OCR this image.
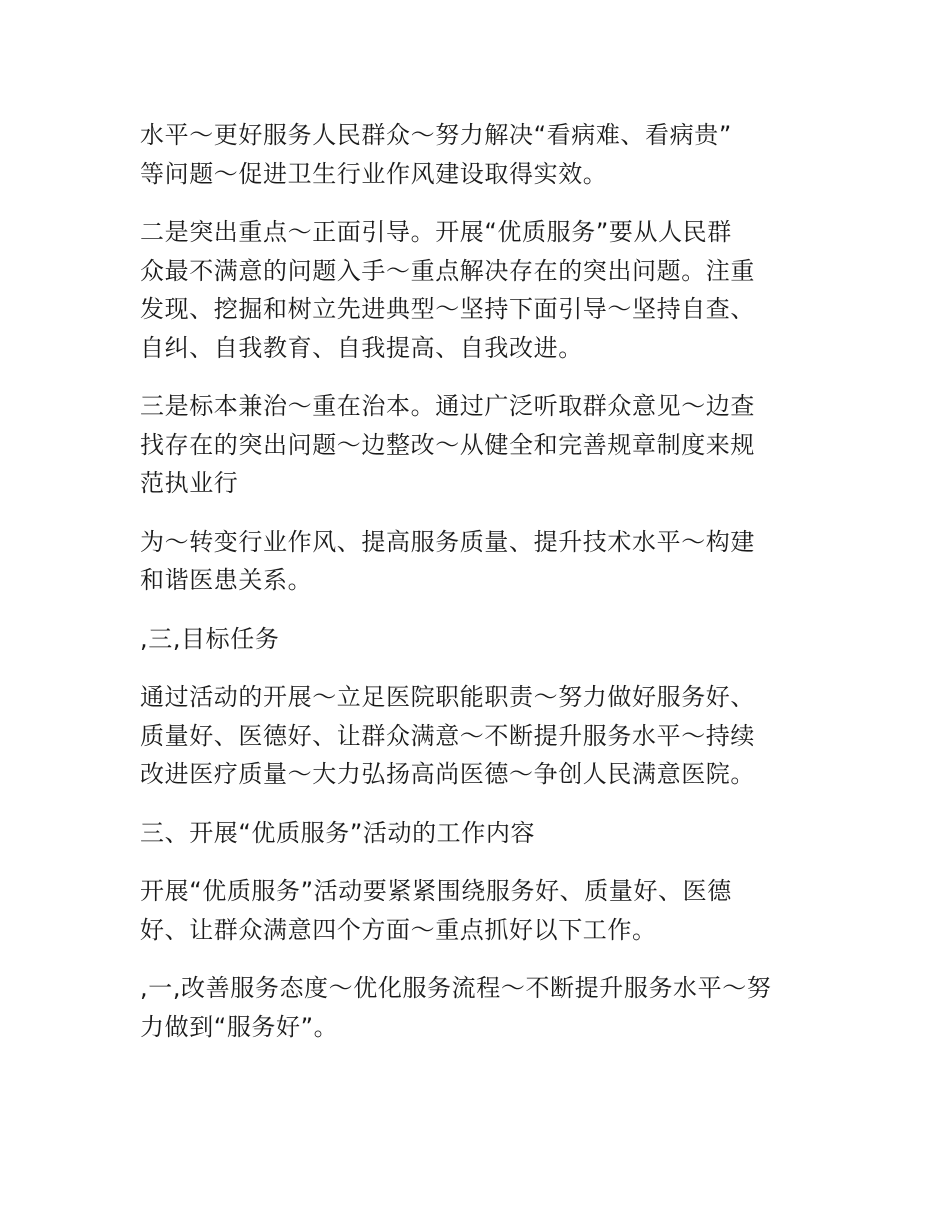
水平～更好服务人民群众～努力解决“看病难、看病贵”
等问题～促进卫生行业作风建设取得实效。

二是突出重点～正面引导。开展“优质服务”要从人民群
众最不满意的问题入手～重点解决存在的突出问题。注重
发现、挖掘和树立先进典型～坚持下面引导～坚持自查、
自纠、自我教育、自我提高、自我改进。

三是标本兼治～重在治本。通过广泛听取群众意见～边查
找存在的突出问题～边整改～从健全和完善规章制度来规
范执业行

为～转变行业作风、提高服务质量、提升技术水平～构建
和谐医患关系。

,三,目标任务

通过活动的开展～立足医院职能职责～努力做好服务好、
质量好、医德好、让群众满意～不断提升服务水平～持续
改进医疗质量～大力弘扬高尚医德～争创人民满意医院。

三、开展“优质服务”活动的工作内容

开展“优质服务”活动要紧紧围绕服务好、质量好、医德
好、让群众满意四个方面～重点抓好以下工作。

,一,改善服务态度～优化服务流程～不断提升服务水平～努
力做到“服务好”。
